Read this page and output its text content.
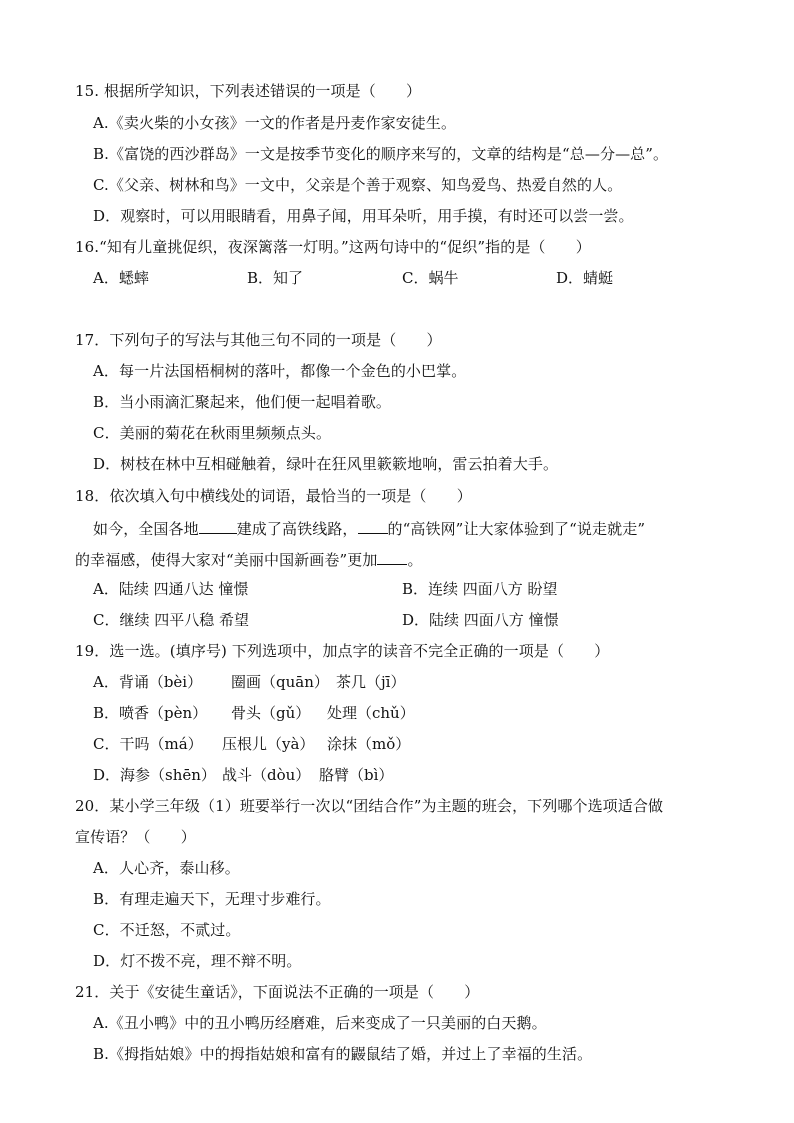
15. 根据所学知识，下列表述错误的一项是（　　）
A.《卖火柴的小女孩》一文的作者是丹麦作家安徒生。
B.《富饶的西沙群岛》一文是按季节变化的顺序来写的，文章的结构是“总—分—总”。
C.《父亲、树林和鸟》一文中，父亲是个善于观察、知鸟爱鸟、热爱自然的人。
D．观察时，可以用眼睛看，用鼻子闻，用耳朵听，用手摸，有时还可以尝一尝。
16.“知有儿童挑促织，夜深篱落一灯明。”这两句诗中的“促织”指的是（　　）
A．蟋蟀	B．知了	C．蜗牛	D．蜻蜓
17．下列句子的写法与其他三句不同的一项是（　　）
A．每一片法国梧桐树的落叶，都像一个金色的小巴掌。
B．当小雨滴汇聚起来，他们便一起唱着歌。
C．美丽的菊花在秋雨里频频点头。
D．树枝在林中互相碰触着，绿叶在狂风里簌簌地响，雷云拍着大手。
18．依次填入句中横线处的词语，最恰当的一项是（　　）
如今，全国各地	建成了高铁线路， 的“高铁网”让大家体验到了“说走就走”
的幸福感，使得大家对“美丽中国新画卷”更加 。
A．陆续 四通八达 憧憬	B．连续 四面八方 盼望
C．继续 四平八稳 希望	D．陆续 四面八方 憧憬
19．选一选。(填序号) 下列选项中，加点字的读音不完全正确的一项是（　　）
A．背诵（bèi） 圈画（quān） 茶几（jī）
B．喷香（pèn） 骨头（gǔ） 处理（chǔ）
C．干吗（má） 压根儿（yà） 涂抹（mǒ）
D．海参（shēn） 战斗（dòu） 胳臂（bì）
20．某小学三年级（1）班要举行一次以“团结合作”为主题的班会，下列哪个选项适合做
宣传语？（　　）
A．人心齐，泰山移。
B．有理走遍天下，无理寸步难行。
C．不迁怒，不贰过。
D．灯不拨不亮，理不辩不明。
21．关于《安徒生童话》，下面说法不正确的一项是（　　）
A.《丑小鸭》中的丑小鸭历经磨难，后来变成了一只美丽的白天鹅。
B.《拇指姑娘》中的拇指姑娘和富有的鼹鼠结了婚，并过上了幸福的生活。
